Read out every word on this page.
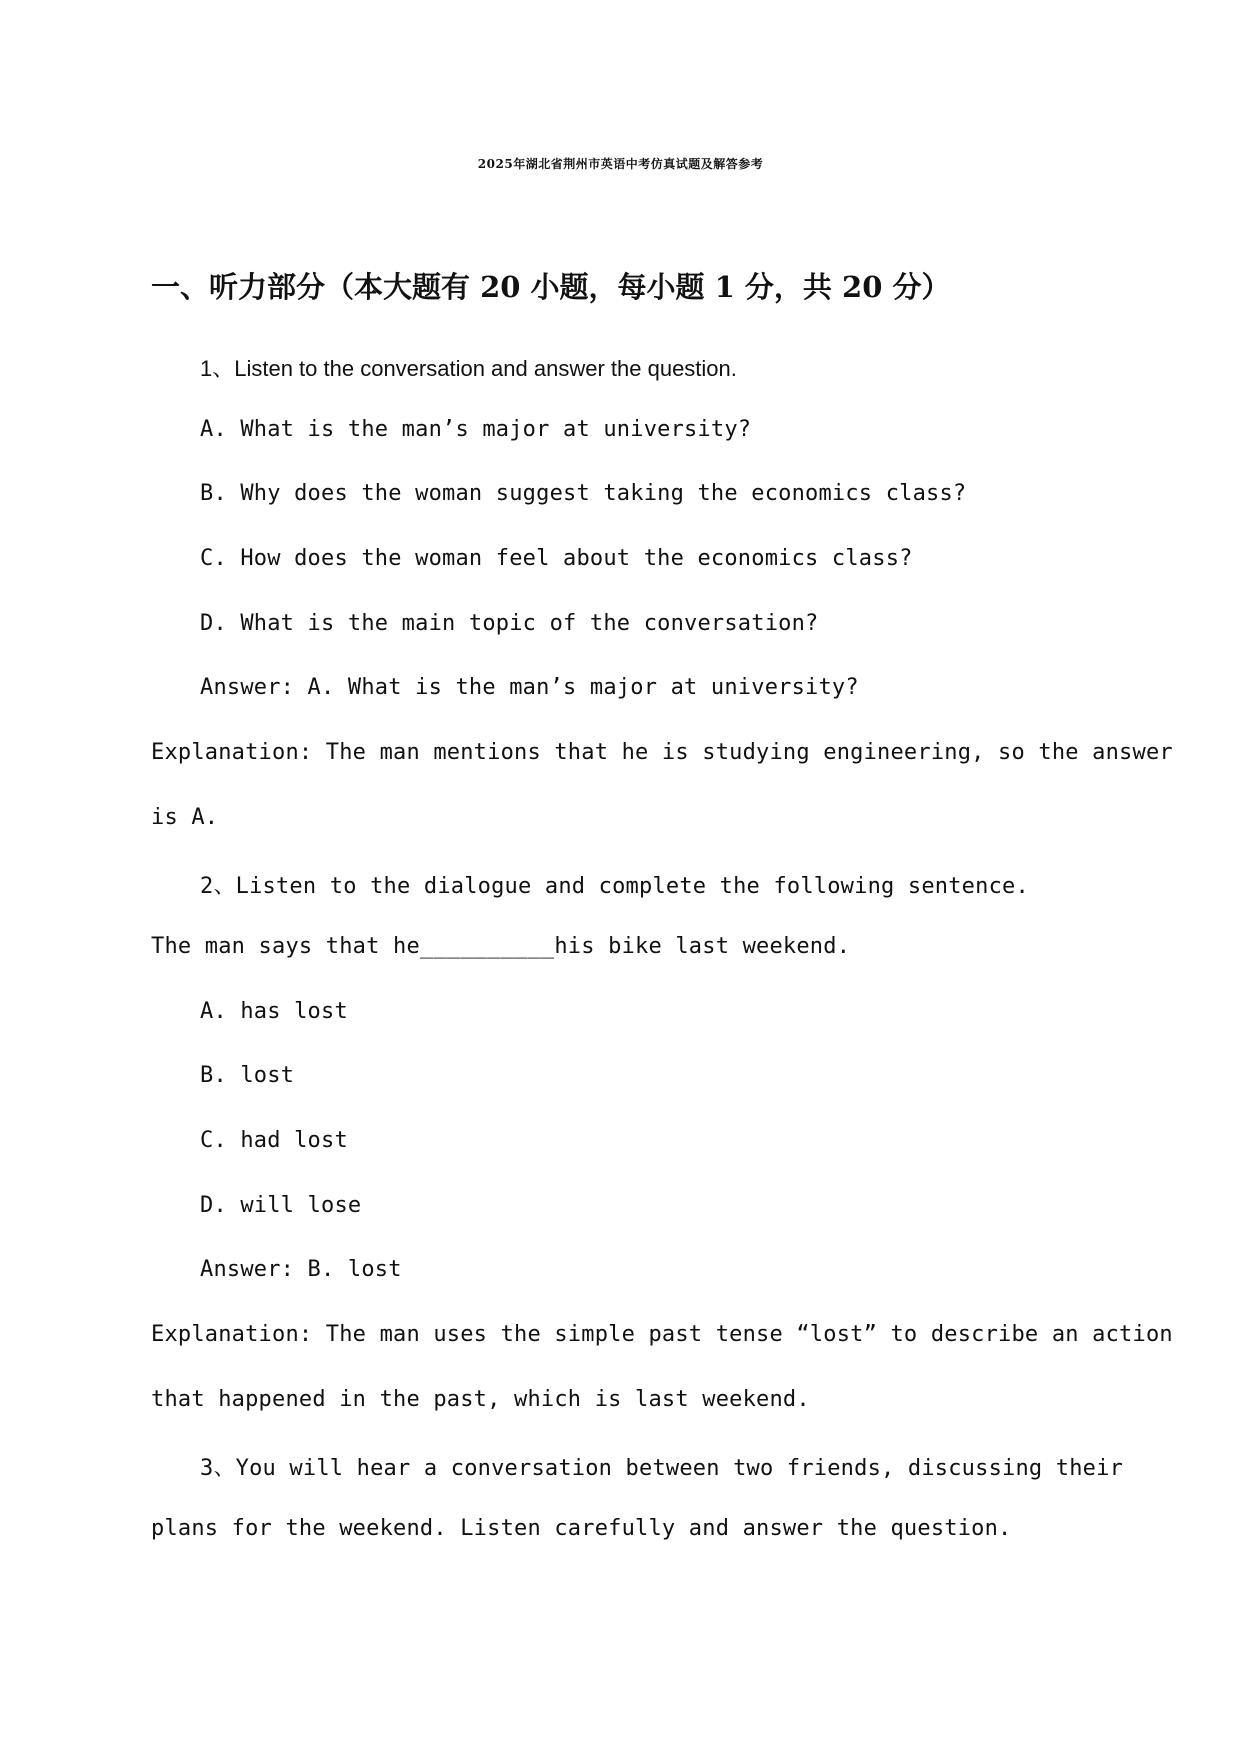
2025年湖北省荆州市英语中考仿真试题及解答参考
一、听力部分（本大题有 20 小题，每小题 1 分，共 20 分）
1、Listen to the conversation and answer the question.
A. What is the man’s major at university?
B. Why does the woman suggest taking the economics class?
C. How does the woman feel about the economics class?
D. What is the main topic of the conversation?
Answer: A. What is the man’s major at university?
Explanation: The man mentions that he is studying engineering, so the answer
is A.
2、Listen to the dialogue and complete the following sentence.
The man says that he__________his bike last weekend.
A. has lost
B. lost
C. had lost
D. will lose
Answer: B. lost
Explanation: The man uses the simple past tense “lost” to describe an action
that happened in the past, which is last weekend.
3、You will hear a conversation between two friends, discussing their
plans for the weekend. Listen carefully and answer the question.
